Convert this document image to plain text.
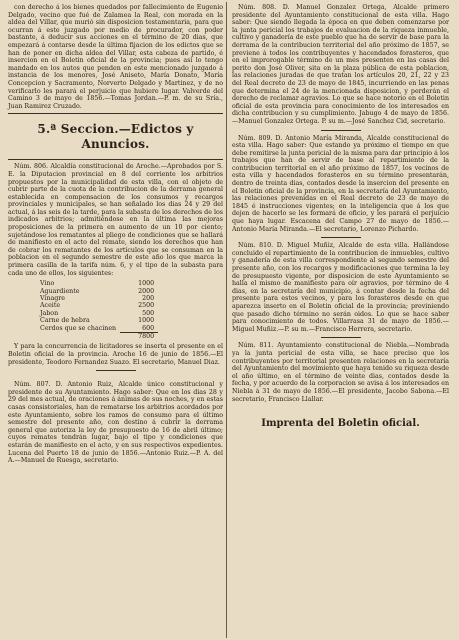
con derecho á los bienes quedados por fallecimiento de Eugenio Delgado, vecino que fué de Zalamea la Real, con morada en la aldea del Villar, que murió sin disposicion testamentaria, para que ocurran á este juzgado por medio de procurador, con poder bastante, á deducir sus acciones en el término de 20 dias, que empezará á contarse desde la última fijacion de los edictos que se han de poner en dicha aldea del Villar, esta cabeza de partido, é insercion en el Boletin oficial de la provincia; pues así lo tengo mandado en los autos que penden en este mencionado juzgado á instancia de los menores, José Aniseto, María Donato, María Concepcion y Sacramento, Norverto Delgado y Martinez, y de no verificarlo les parará el perjuicio que hubiere lugar. Valverde del Camino 3 de mayo de 1856.—Tomas Jordan.—P. m. de su Sría., Juan Ramirez Cruzado.

5.ª Seccion.—Edictos y Anuncios.

Núm. 806. Alcaldía constitucional de Aroche.—Aprobados por S. E. la Diputacion provincial en 8 del corriente los arbitrios propuestos por la municipalidad de esta villa, con el objeto de cubrir parte de la cuota de la contribucion de la derrama general establecida en compensacion de los consumos y recargos provinciales y municipales, se han señalado los dias 24 y 29 del actual, á las seis de la tarde, para la subasta de los derechos de los indicados arbitrios; admitiéndose en la última las mejoras proposiciones de la primera en aumento de un 10 por ciento; sujetándose los rematantes al pliego de condiciones que se hallará de manifiesto en el acto del remate, siendo los derechos que han de cobrar los rematantes de los artículos que se consuman en la poblacion en el segundo semestre de este año los que marca la primera casilla de la tarifa núm. 6, y el tipo de la subasta para cada uno de ellos, los siguientes:

Vino	1000
Aguardiente	2000
Vinagre	200
Aceite	2500
Jabon	500
Carne de hebra	1000
Cerdos que se chacinen	600
	7800

Y para la concurrencia de licitadores se inserta el presente en el Boletin oficial de la provincia. Aroche 16 de junio de 1856.—El presidente, Teodoro Fernandez Suazo. El secretario, Manuel Diaz.

Núm. 807. D. Antonio Ruiz, Alcalde único constitucional y presidente de su Ayuntamiento. Hago saber: Que en los dias 28 y 29 del mes actual, de oraciones á ánimas de sus noches, y en estas casas consistoriales, han de rematarse los arbitrios acordados por este Ayuntamiento, sobre los ramos de consumo para el último semestre del presente año, con destino á cubrir la derrama general que autoriza la ley de presupuesto de 16 de abril último; cuyos remates tendrán lugar, bajo el tipo y condiciones que estarán de manifiesto en el acto, y en sus respectivos expedientes. Lucena del Puerto 18 de junio de 1856.—Antonio Ruiz.—P. A. del A.—Manuel de Ruesga, secretario.

Núm. 808. D. Manuel Gonzalez Ortega, Alcalde primero presidente del Ayuntamiento constitucional de esta villa. Hago saber: Que siendo llegada la época en que deben comenzarse por la junta pericial los trabajos de evaluacion de la riqueza inmueble, cultivo y ganadería de este pueblo que ha de servir de base para la derrama de la contribucion territorial del año próximo de 1857, se previene á todos los contribuyentes y hacendados forasteros, que en el improrogable término de un mes presenten en las casas del perito don José Oliver, sita en la plaza pública de esta poblacion, las relaciones juradas de que tratan los artículos 20, 21, 22 y 23 del Real decreto de 23 de mayo de 1845, incurriendo en las penas que determina el 24 de la mencionada disposicion, y perderán el derecho de reclamar agravios. Lo que se hace notorio en el Boletin oficial de esta provincia para conocimiento de los interesados en dicha contribucion y su cumplimiento. Jabugo 4 de mayo de 1856.—Manuel Gonzalez Ortega. P. su m.—José Sanchez Cid, secretario.

Núm. 809. D. Antonio María Miranda, Alcalde constitucional de esta villa. Hago saber: Que estando ya próximo el tiempo en que debe remitirse la junta pericial de la misma para dar principio á los trabajos que han de servir de base al repartimiento de la contribucion territorial en el año próximo de 1857, los vecinos de esta villa y hacendados forasteros en su término presentarán, dentro de treinta dias, contados desde la insercion del presente en el Boletin oficial de la provincia, en la secretaría del Ayuntamiento, las relaciones prevenidas en el Real decreto de 23 de mayo de 1845 é instrucciones vigentes; en la inteligencia que á los que dejen de hacerlo se les formará de oficio, y les parará el perjuicio que haya lugar. Escacena del Campo 27 de mayo de 1856.—Antonio María Miranda.—El secretario, Lorenzo Pichardo.

Núm. 810. D. Miguel Muñiz, Alcalde de esta villa. Hallándose concluido el repartimiento de la contribucion de inmuebles, cultivo y ganadería de esta villa correspondiente al segundo semestre del presente año, con los recargos y modificaciones que termina la ley de presupuesto vigente, por disposicion de este Ayuntamiento se halla el mismo de manifiesto para oír agravios, por término de 4 dias, en la secretaría del municipio, á contar desde la fecha del presente para estos vecinos, y para los forasteros desde en que aparezca inserto en el Boletin oficial de la provincia; previniendo que pasado dicho término no serán oidos. Lo que se hace saber para conocimiento de todos. Villarrasa 31 de mayo de 1856.—Miguel Muñiz.—P. su m.—Francisco Herrera, secretario.

Núm. 811. Ayuntamiento constitucional de Niebla.—Nombrada ya la junta pericial de esta villa, se hace preciso que los contribuyentes por territorial presenten relaciones en la secretaría del Ayuntamiento del movimiento que haya tenido su riqueza desde el año último, en el término de veinte dias, contados desde la fecha, y por acuerdo de la corporacion se avisa á los interesados en Niebla á 31 de mayo de 1856.—El presidente, Jacobo Sabona.—El secretario, Francisco Llallar.

Imprenta del Boletin oficial.
